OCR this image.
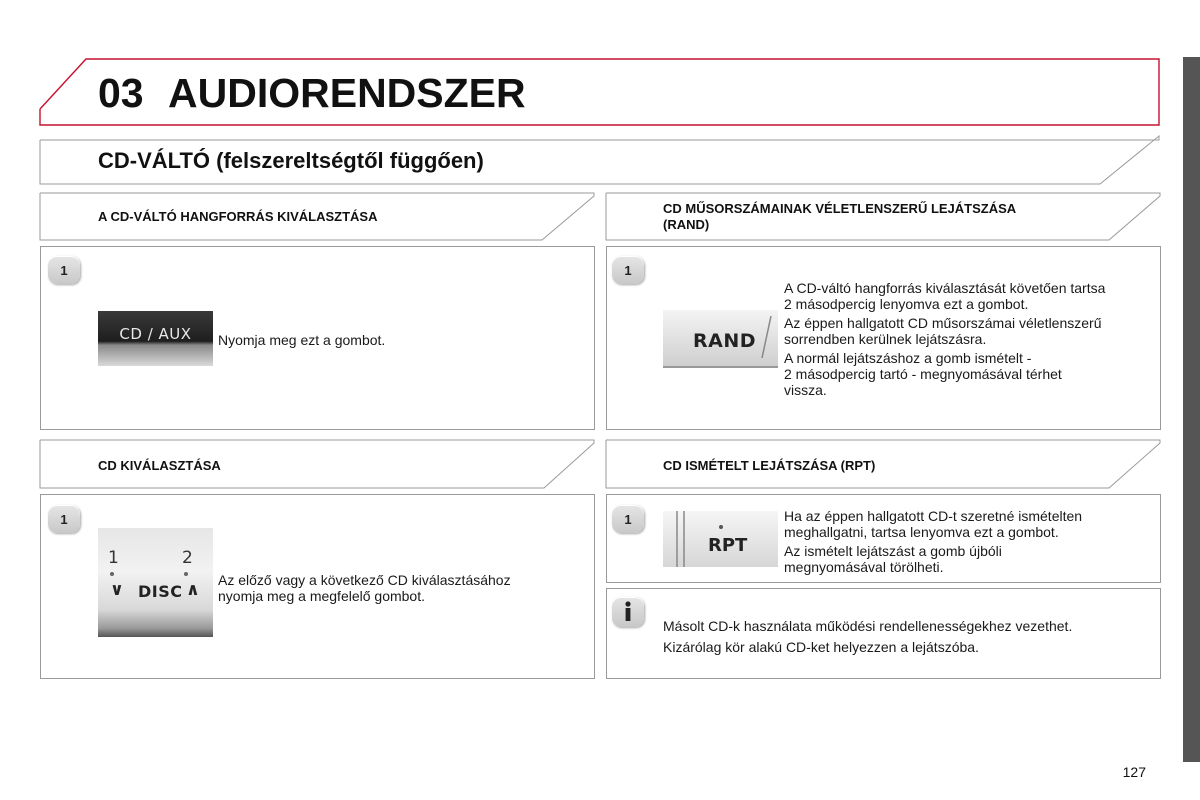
03 AUDIORENDSZER
CD-VÁLTÓ (felszereltségtől függően)
A CD-VÁLTÓ HANGFORRÁS KIVÁLASZTÁSA
1
CD / AUX	Nyomja meg ezt a gombot.
CD KIVÁLASZTÁSA
1
1	2
∨ DISC ∧ Az előző vagy a következő CD kiválasztásához
nyomja meg a megfelelő gombot.
CD MŰSORSZÁMAINAK VÉLETLENSZERŰ LEJÁTSZÁSA
(RAND)
1
RAND

A CD-váltó hangforrás kiválasztását követően tartsa
2 másodpercig lenyomva ezt a gombot.

Az éppen hallgatott CD műsorszámai véletlenszerű
sorrendben kerülnek lejátszásra.

A normál lejátszáshoz a gomb ismételt -
2 másodpercig tartó - megnyomásával térhet
vissza.

CD ISMÉTELT LEJÁTSZÁSA (RPT)
1
RPT

Ha az éppen hallgatott CD-t szeretné ismételten
meghallgatni, tartsa lenyomva ezt a gombot.

Az ismételt lejátszást a gomb újbóli
megnyomásával törölheti.

Másolt CD-k használata működési rendellenességekhez vezethet.
Kizárólag kör alakú CD-ket helyezzen a lejátszóba.
127
